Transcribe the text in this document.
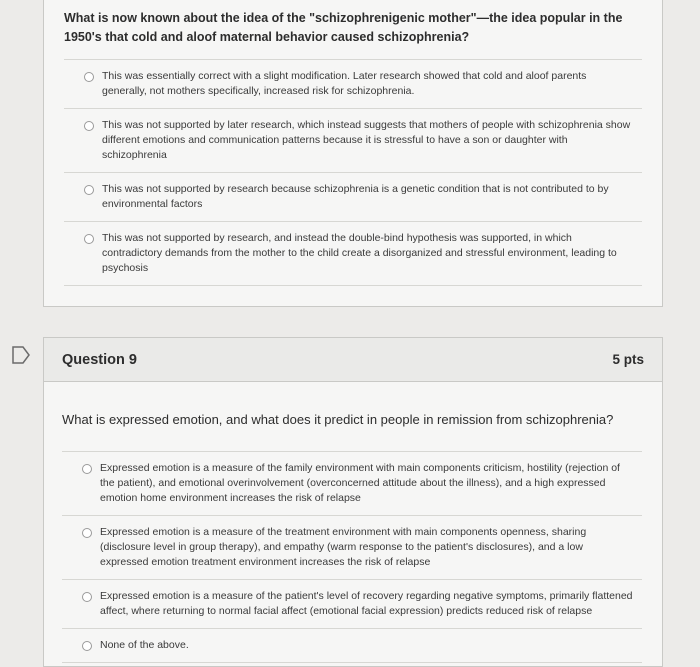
What is now known about the idea of the "schizophrenigenic mother"—the idea popular in the 1950's that cold and aloof maternal behavior caused schizophrenia?
This was essentially correct with a slight modification. Later research showed that cold and aloof parents generally, not mothers specifically, increased risk for schizophrenia.
This was not supported by later research, which instead suggests that mothers of people with schizophrenia show different emotions and communication patterns because it is stressful to have a son or daughter with schizophrenia
This was not supported by research because schizophrenia is a genetic condition that is not contributed to by environmental factors
This was not supported by research, and instead the double-bind hypothesis was supported, in which contradictory demands from the mother to the child create a disorganized and stressful environment, leading to psychosis
Question 9	5 pts
What is expressed emotion, and what does it predict in people in remission from schizophrenia?
Expressed emotion is a measure of the family environment with main components criticism, hostility (rejection of the patient), and emotional overinvolvement (overconcerned attitude about the illness), and a high expressed emotion home environment increases the risk of relapse
Expressed emotion is a measure of the treatment environment with main components openness, sharing (disclosure level in group therapy), and empathy (warm response to the patient's disclosures), and a low expressed emotion treatment environment increases the risk of relapse
Expressed emotion is a measure of the patient's level of recovery regarding negative symptoms, primarily flattened affect, where returning to normal facial affect (emotional facial expression) predicts reduced risk of relapse
None of the above.
